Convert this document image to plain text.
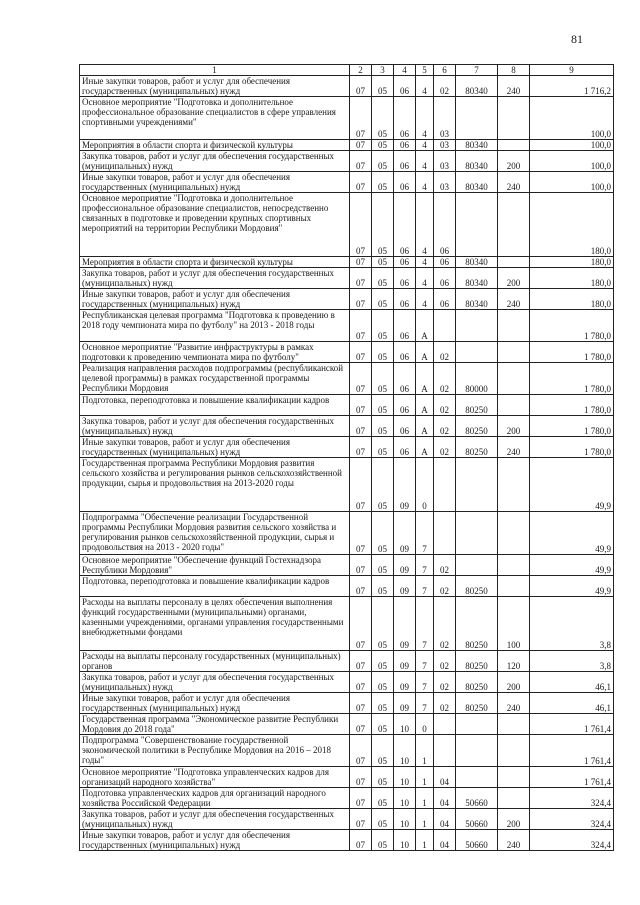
81
1	2	3	4	5	6	7	8	9
Иные закупки товаров, работ и услуг для обеспечения государственных (муниципальных) нужд	07	05	06	4	02	80340	240	1 716,2
Основное мероприятие "Подготовка и дополнительное профессиональное образование специалистов в сфере управления спортивными учреждениями"	07	05	06	4	03			100,0
Мероприятия в области спорта и физической культуры	07	05	06	4	03	80340		100,0
Закупка товаров, работ и услуг для обеспечения государственных (муниципальных) нужд	07	05	06	4	03	80340	200	100,0
Иные закупки товаров, работ и услуг для обеспечения государственных (муниципальных) нужд	07	05	06	4	03	80340	240	100,0
Основное мероприятие "Подготовка и дополнительное профессиональное образование специалистов, непосредственно связанных в подготовке и проведении крупных спортивных мероприятий на территории Республики Мордовия"	07	05	06	4	06			180,0
Мероприятия в области спорта и физической культуры	07	05	06	4	06	80340		180,0
Закупка товаров, работ и услуг для обеспечения государственных (муниципальных) нужд	07	05	06	4	06	80340	200	180,0
Иные закупки товаров, работ и услуг для обеспечения государственных (муниципальных) нужд	07	05	06	4	06	80340	240	180,0
Республиканская целевая программа "Подготовка к проведению в 2018 году чемпионата мира по футболу" на 2013 - 2018 годы	07	05	06	А				1 780,0
Основное мероприятие "Развитие инфраструктуры в рамках подготовки к проведению чемпионата мира по футболу"	07	05	06	А	02			1 780,0
Реализация направления расходов подпрограммы (республиканской целевой программы) в рамках государственной программы Республики Мордовия	07	05	06	А	02	80000		1 780,0
Подготовка, переподготовка и повышение квалификации кадров	07	05	06	А	02	80250		1 780,0
Закупка товаров, работ и услуг для обеспечения государственных (муниципальных) нужд	07	05	06	А	02	80250	200	1 780,0
Иные закупки товаров, работ и услуг для обеспечения государственных (муниципальных) нужд	07	05	06	А	02	80250	240	1 780,0
Государственная программа Республики Мордовия развития сельского хозяйства и регулирования рынков сельскохозяйственной продукции, сырья и продовольствия на 2013-2020 годы	07	05	09	0				49,9
Подпрограмма "Обеспечение реализации Государственной программы Республики Мордовия развития сельского хозяйства и регулирования рынков сельскохозяйственной продукции, сырья и продовольствия на 2013 - 2020 годы"	07	05	09	7				49,9
Основное мероприятие "Обеспечение функций Гостехнадзора Республики Мордовия"	07	05	09	7	02			49,9
Подготовка, переподготовка и повышение квалификации кадров	07	05	09	7	02	80250		49,9
Расходы на выплаты персоналу в целях обеспечения выполнения функций государственными (муниципальными) органами, казенными учреждениями, органами управления государственными внебюджетными фондами	07	05	09	7	02	80250	100	3,8
Расходы на выплаты персоналу государственных (муниципальных) органов	07	05	09	7	02	80250	120	3,8
Закупка товаров, работ и услуг для обеспечения государственных (муниципальных) нужд	07	05	09	7	02	80250	200	46,1
Иные закупки товаров, работ и услуг для обеспечения государственных (муниципальных) нужд	07	05	09	7	02	80250	240	46,1
Государственная программа "Экономическое развитие Республики Мордовия до 2018 года"	07	05	10	0				1 761,4
Подпрограмма "Совершенствование государственной экономической политики в Республике Мордовия на 2016 – 2018 годы"	07	05	10	1				1 761,4
Основное мероприятие "Подготовка управленческих кадров для организаций народного хозяйства"	07	05	10	1	04			1 761,4
Подготовка управленческих кадров для организаций народного хозяйства Российской Федерации	07	05	10	1	04	50660		324,4
Закупка товаров, работ и услуг для обеспечения государственных (муниципальных) нужд	07	05	10	1	04	50660	200	324,4
Иные закупки товаров, работ и услуг для обеспечения государственных (муниципальных) нужд	07	05	10	1	04	50660	240	324,4
